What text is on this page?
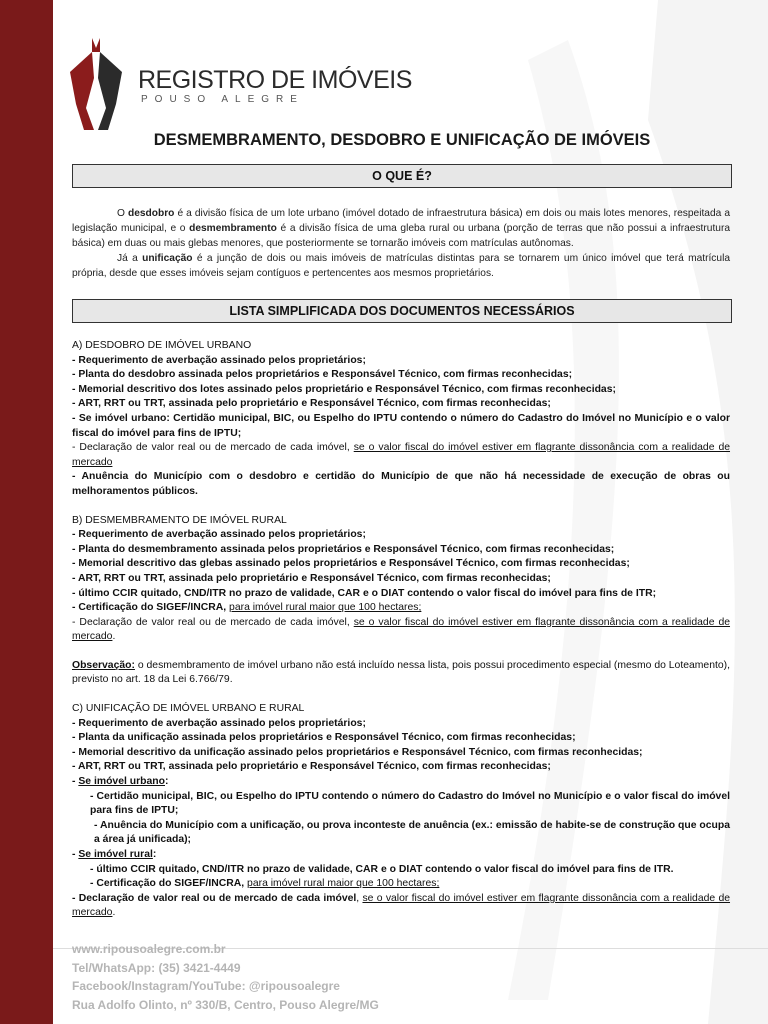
REGISTRO DE IMÓVEIS
POUSO ALEGRE
DESMEMBRAMENTO, DESDOBRO E UNIFICAÇÃO DE IMÓVEIS
O QUE É?

O desdobro é a divisão física de um lote urbano (imóvel dotado de infraestrutura básica) em dois ou mais lotes menores, respeitada a legislação municipal, e o desmembramento é a divisão física de uma gleba rural ou urbana (porção de terras que não possui a infraestrutura básica) em duas ou mais glebas menores, que posteriormente se tornarão imóveis com matrículas autônomas.

Já a unificação é a junção de dois ou mais imóveis de matrículas distintas para se tornarem um único imóvel que terá matrícula própria, desde que esses imóveis sejam contíguos e pertencentes aos mesmos proprietários.

LISTA SIMPLIFICADA DOS DOCUMENTOS NECESSÁRIOS
A) DESDOBRO DE IMÓVEL URBANO
- Requerimento de averbação assinado pelos proprietários;
- Planta do desdobro assinada pelos proprietários e Responsável Técnico, com firmas reconhecidas;
- Memorial descritivo dos lotes assinado pelos proprietário e Responsável Técnico, com firmas reconhecidas;
- ART, RRT ou TRT, assinada pelo proprietário e Responsável Técnico, com firmas reconhecidas;
- Se imóvel urbano: Certidão municipal, BIC, ou Espelho do IPTU contendo o número do Cadastro do Imóvel no Município e o valor fiscal do imóvel para fins de IPTU;
- Declaração de valor real ou de mercado de cada imóvel, se o valor fiscal do imóvel estiver em flagrante dissonância com a realidade de mercado
- Anuência do Município com o desdobro e certidão do Município de que não há necessidade de execução de obras ou melhoramentos públicos.
B) DESMEMBRAMENTO DE IMÓVEL RURAL
- Requerimento de averbação assinado pelos proprietários;
- Planta do desmembramento assinada pelos proprietários e Responsável Técnico, com firmas reconhecidas;
- Memorial descritivo das glebas assinado pelos proprietários e Responsável Técnico, com firmas reconhecidas;
- ART, RRT ou TRT, assinada pelo proprietário e Responsável Técnico, com firmas reconhecidas;
- último CCIR quitado, CND/ITR no prazo de validade, CAR e o DIAT contendo o valor fiscal do imóvel para fins de ITR;
- Certificação do SIGEF/INCRA, para imóvel rural maior que 100 hectares;
- Declaração de valor real ou de mercado de cada imóvel, se o valor fiscal do imóvel estiver em flagrante dissonância com a realidade de mercado.
Observação: o desmembramento de imóvel urbano não está incluído nessa lista, pois possui procedimento especial (mesmo do Loteamento), previsto no art. 18 da Lei 6.766/79.
C) UNIFICAÇÃO DE IMÓVEL URBANO E RURAL
- Requerimento de averbação assinado pelos proprietários;
- Planta da unificação assinada pelos proprietários e Responsável Técnico, com firmas reconhecidas;
- Memorial descritivo da unificação assinado pelos proprietários e Responsável Técnico, com firmas reconhecidas;
- ART, RRT ou TRT, assinada pelo proprietário e Responsável Técnico, com firmas reconhecidas;
- Se imóvel urbano:
- Certidão municipal, BIC, ou Espelho do IPTU contendo o número do Cadastro do Imóvel no Município e o valor fiscal do imóvel para fins de IPTU;
- Anuência do Município com a unificação, ou prova inconteste de anuência (ex.: emissão de habite-se de construção que ocupa a área já unificada);
- Se imóvel rural:
- último CCIR quitado, CND/ITR no prazo de validade, CAR e o DIAT contendo o valor fiscal do imóvel para fins de ITR.
- Certificação do SIGEF/INCRA, para imóvel rural maior que 100 hectares;
- Declaração de valor real ou de mercado de cada imóvel, se o valor fiscal do imóvel estiver em flagrante dissonância com a realidade de mercado.
www.ripousoalegre.com.br
Tel/WhatsApp: (35) 3421-4449
Facebook/Instagram/YouTube: @ripousoalegre
Rua Adolfo Olinto, nº 330/B, Centro, Pouso Alegre/MG
